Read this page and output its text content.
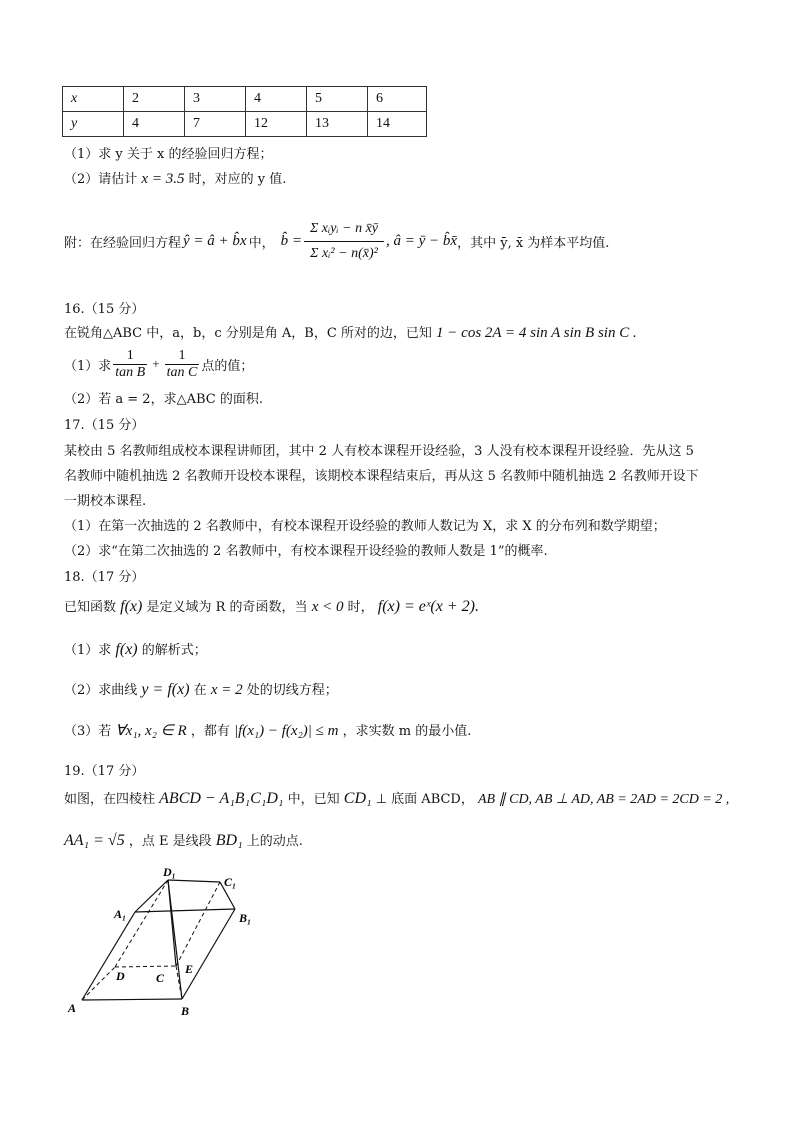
x	2	3	4	5	6
y	4	7	12	13	14
（1）求 y 关于 x 的经验回归方程；
（2）请估计 x = 3.5 时，对应的 y 值.
附：在经验回归方程 ŷ = â + b̂x 中， b̂ = $\frac{\text{Σ xᵢyᵢ − n x̄ȳ}}{\text{Σ xᵢ² − n(x̄)²}}$ , â = ȳ − b̂x̄ ，其中 ȳ, x̄ 为样本平均值.
16.（15 分）
在锐角△ABC 中，a，b，c 分别是角 A，B，C 所对的边，已知 1 − cos 2A = 4 sin A sin B sin C .
（1）求 $\frac{1}{\text{tan B}} + \frac{1}{\text{tan C}}$ 点的值；
（2）若 a = 2，求△ABC 的面积.
17.（15 分）
某校由 5 名教师组成校本课程讲师团，其中 2 人有校本课程开设经验，3 人没有校本课程开设经验．先从这 5
名教师中随机抽选 2 名教师开设校本课程，该期校本课程结束后，再从这 5 名教师中随机抽选 2 名教师开设下
一期校本课程.
（1）在第一次抽选的 2 名教师中，有校本课程开设经验的教师人数记为 X，求 X 的分布列和数学期望；
（2）求“在第二次抽选的 2 名教师中，有校本课程开设经验的教师人数是 1”的概率.
18.（17 分）
已知函数 f(x) 是定义域为 R 的奇函数，当 x < 0 时， f(x) = eˣ(x + 2).
（1）求 f(x) 的解析式；
（2）求曲线 y = f(x) 在 x = 2 处的切线方程；
（3）若 ∀x₁, x₂ ∈ R ，都有 |f(x₁) − f(x₂)| ≤ m ，求实数 m 的最小值.
19.（17 分）
如图，在四棱柱 ABCD − A₁B₁C₁D₁ 中，已知 CD₁ ⊥ 底面 ABCD， AB ∥ CD, AB ⊥ AD, AB = 2AD = 2CD = 2 ,
AA₁ = √5 ，点 E 是线段 BD₁ 上的动点.
D₁
C₁
A₁	B₁
D	C
E
A	B
